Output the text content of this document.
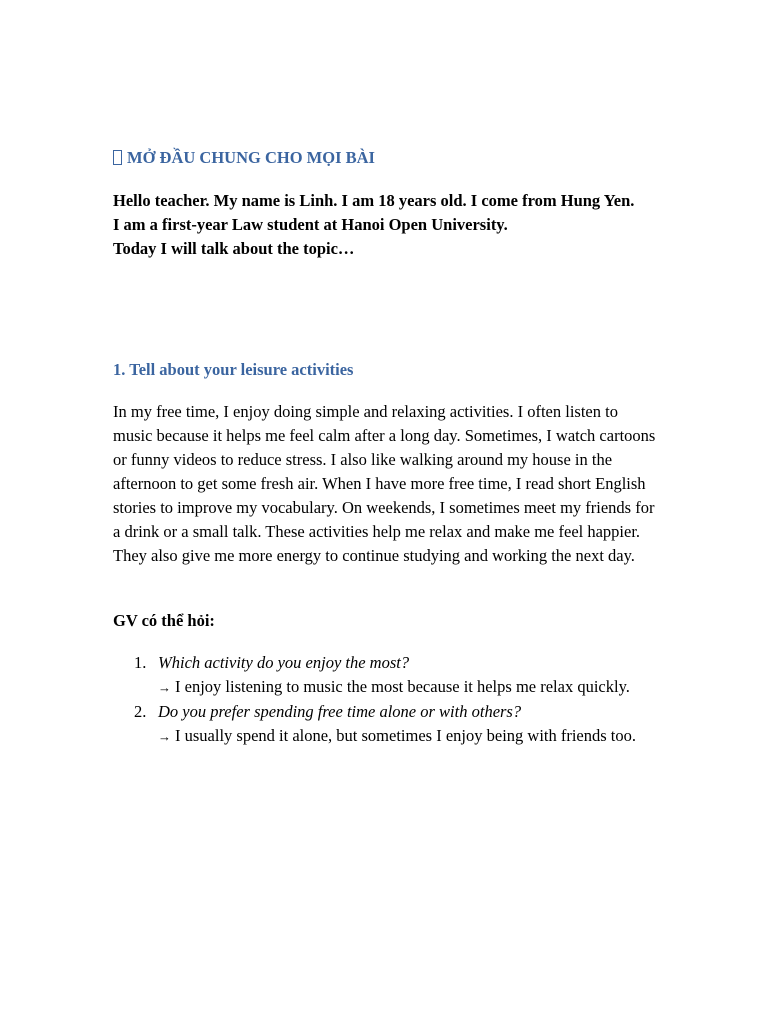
MỞ ĐẦU CHUNG CHO MỌI BÀI
Hello teacher. My name is Linh. I am 18 years old. I come from Hung Yen.
I am a first-year Law student at Hanoi Open University.
Today I will talk about the topic…
1. Tell about your leisure activities
In my free time, I enjoy doing simple and relaxing activities. I often listen to music because it helps me feel calm after a long day. Sometimes, I watch cartoons or funny videos to reduce stress. I also like walking around my house in the afternoon to get some fresh air. When I have more free time, I read short English stories to improve my vocabulary. On weekends, I sometimes meet my friends for a drink or a small talk. These activities help me relax and make me feel happier. They also give me more energy to continue studying and working the next day.
GV có thể hỏi:
1. Which activity do you enjoy the most?
→ I enjoy listening to music the most because it helps me relax quickly.
2. Do you prefer spending free time alone or with others?
→ I usually spend it alone, but sometimes I enjoy being with friends too.
